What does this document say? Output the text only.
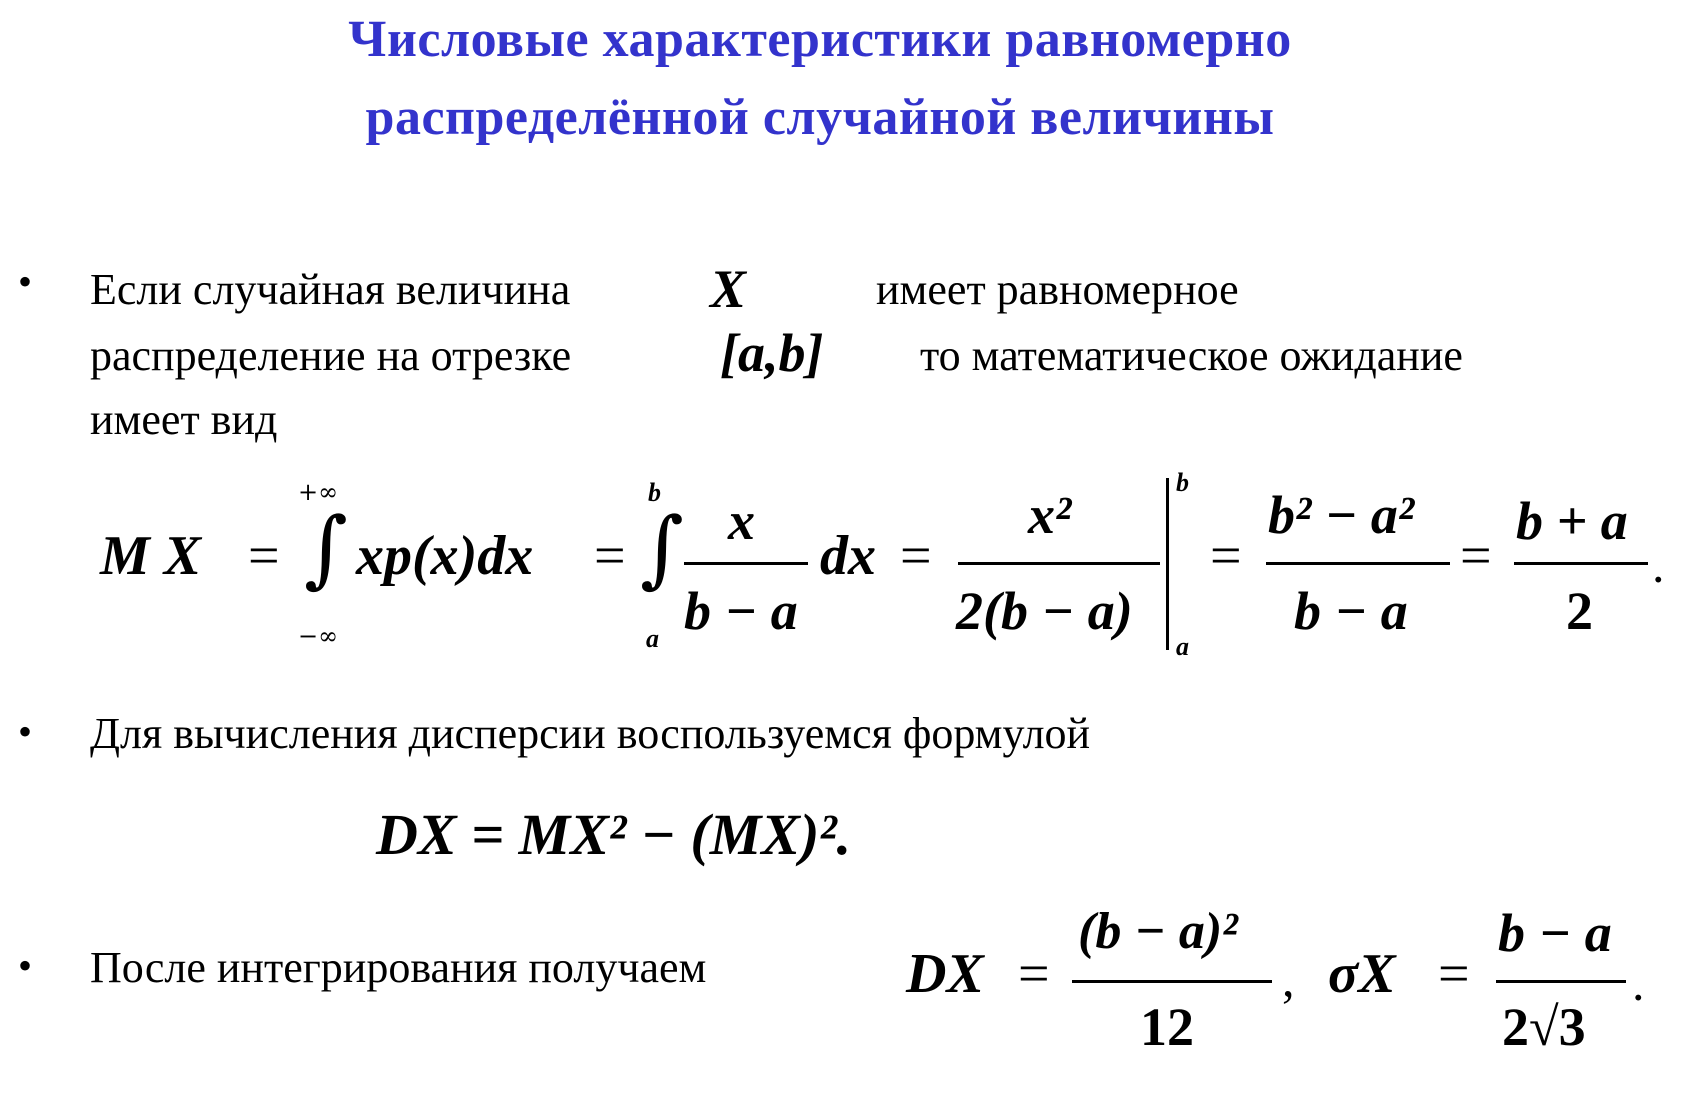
Числовые характеристики равномерно
распределённой случайной величины
• Если случайная величина	X	имеет равномерное
распределение на отрезке	[a,b] то математическое ожидание
имеет вид
M X =
+∞
∫
−∞
xp(x)dx =
b
∫
a
x
b − a
dx =
x²
2(b − a)
b
a
=
b² − a²
b − a
=
b + a
2
.
• Для вычисления дисперсии воспользуемся формулой
DX = MX² − (MX)².
• После интегрирования получаем	DX =
(b − a)²
12
, σX =
b − a
2√3
.
